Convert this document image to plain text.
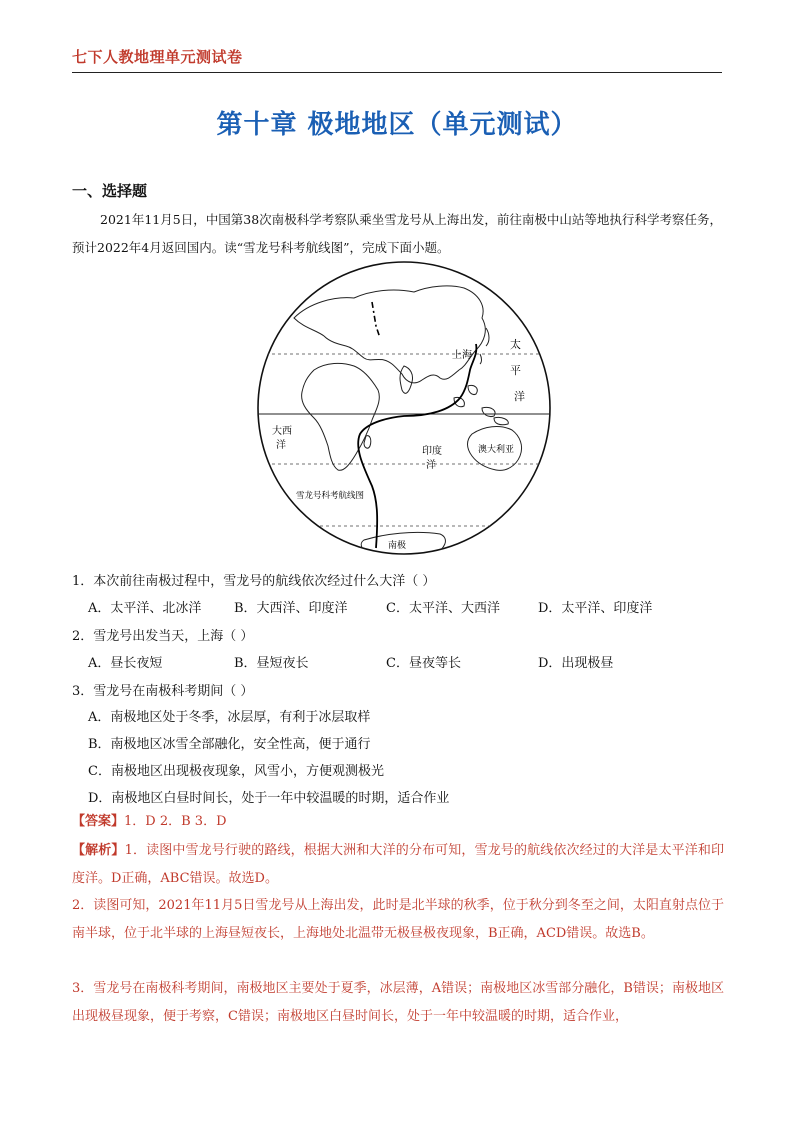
七下人教地理单元测试卷
第十章 极地地区（单元测试）
一、选择题
2021年11月5日，中国第38次南极科学考察队乘坐雪龙号从上海出发，前往南极中山站等地执行科学考察任务，预计2022年4月返回国内。读“雪龙号科考航线图”，完成下面小题。
上海
太
平
洋
大西
洋
印度
洋
澳大利亚
南极
雪龙号科考航线图
1．本次前往南极过程中，雪龙号的航线依次经过什么大洋（ ）
A．太平洋、北冰洋	B．大西洋、印度洋	C．太平洋、大西洋	D．太平洋、印度洋
2．雪龙号出发当天，上海（ ）
A．昼长夜短	B．昼短夜长	C．昼夜等长	D．出现极昼
3．雪龙号在南极科考期间（ ）
A．南极地区处于冬季，冰层厚，有利于冰层取样
B．南极地区冰雪全部融化，安全性高，便于通行
C．南极地区出现极夜现象，风雪小，方便观测极光
D．南极地区白昼时间长，处于一年中较温暖的时期，适合作业
【答案】1．D 2．B 3．D
【解析】1．读图中雪龙号行驶的路线，根据大洲和大洋的分布可知，雪龙号的航线依次经过的大洋是太平洋和印度洋。D正确，ABC错误。故选D。
2．读图可知，2021年11月5日雪龙号从上海出发，此时是北半球的秋季，位于秋分到冬至之间，太阳直射点位于南半球，位于北半球的上海昼短夜长，上海地处北温带无极昼极夜现象，B正确，ACD错误。故选B。
3．雪龙号在南极科考期间，南极地区主要处于夏季，冰层薄，A错误；南极地区冰雪部分融化，B错误；南极地区出现极昼现象，便于考察，C错误；南极地区白昼时间长，处于一年中较温暖的时期，适合作业，
